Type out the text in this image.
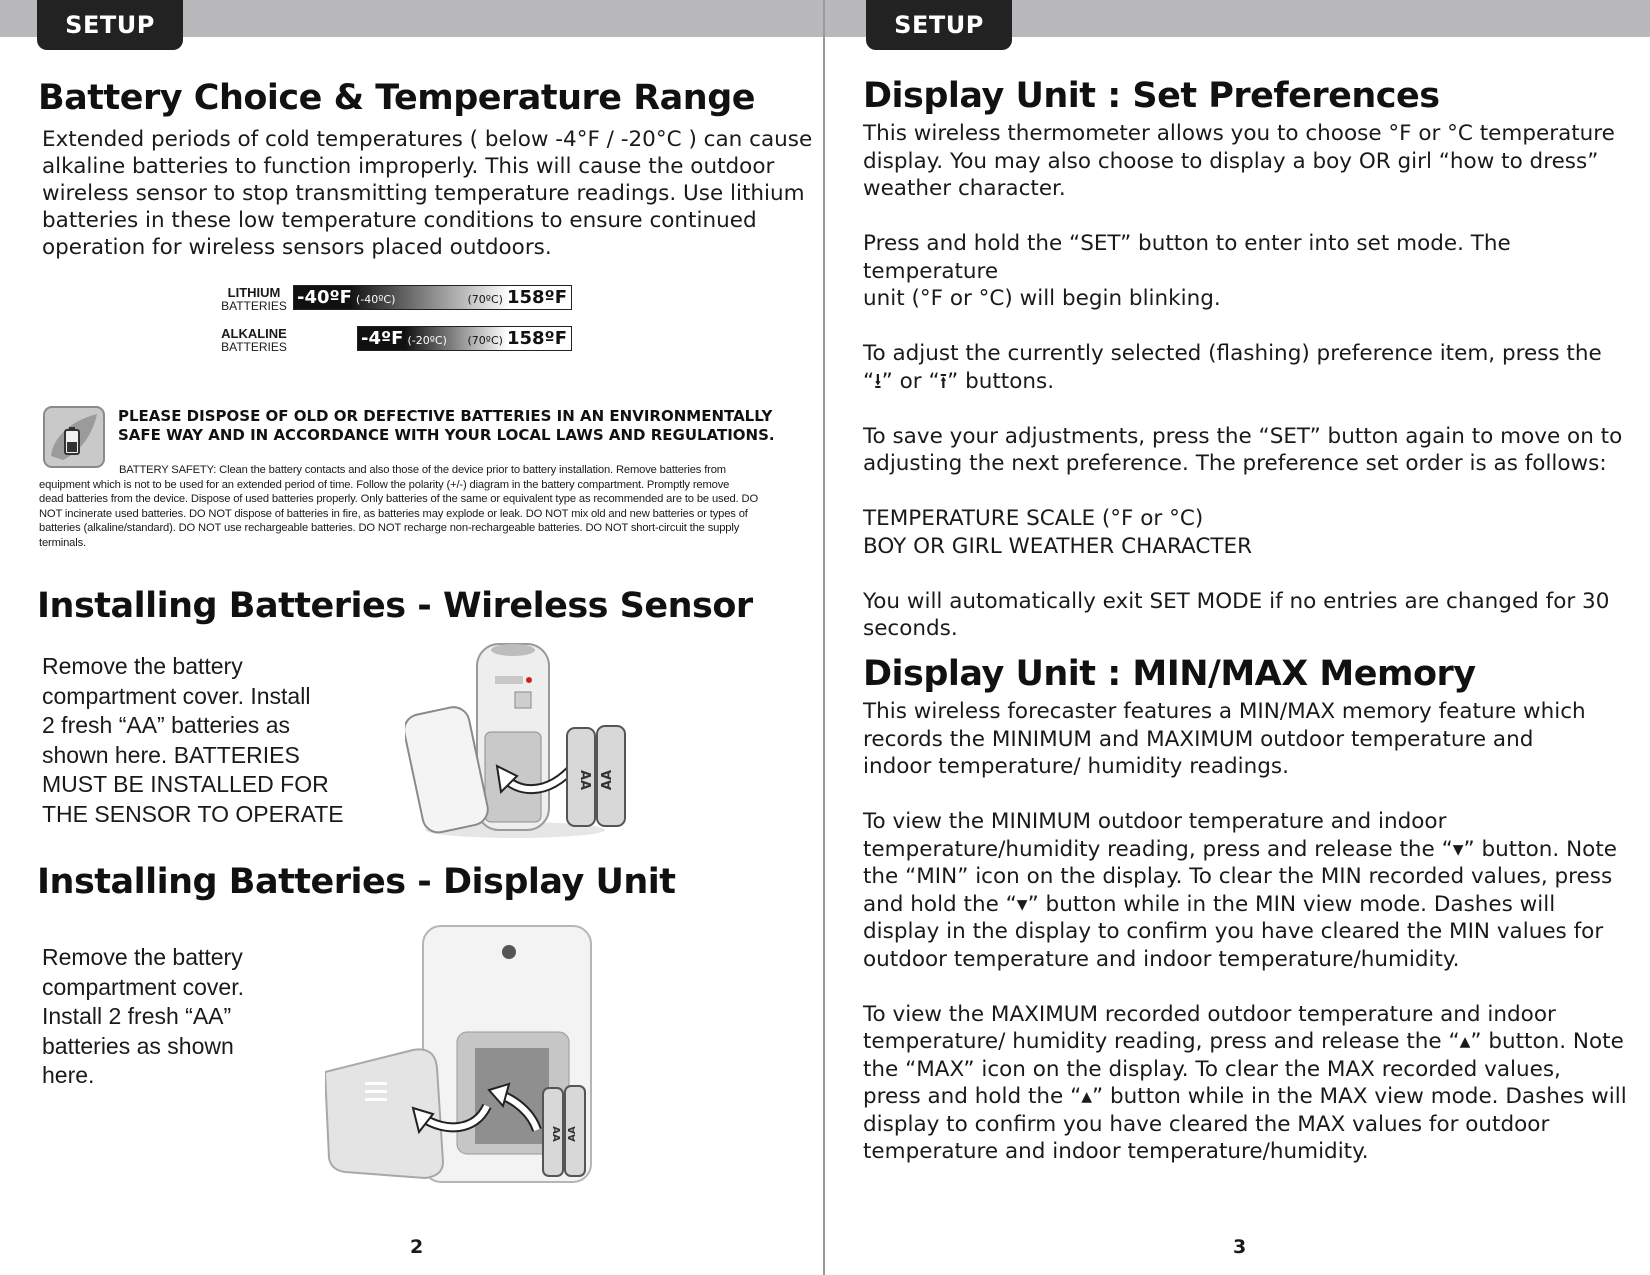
SETUP
Battery Choice & Temperature Range
Extended periods of cold temperatures ( below -4°F / -20°C ) can cause
alkaline batteries to function improperly. This will cause the outdoor
wireless sensor to stop transmitting temperature readings. Use lithium
batteries in these low temperature conditions to ensure continued
operation for wireless sensors placed outdoors.
LITHIUM
BATTERIES -40ºF (-40ºC)	(70ºC) 158ºF
ALKALINE
BATTERIES	-4ºF (-20ºC) (70ºC) 158ºF
PLEASE DISPOSE OF OLD OR DEFECTIVE BATTERIES IN AN ENVIRONMENTALLY
SAFE WAY AND IN ACCORDANCE WITH YOUR LOCAL LAWS AND REGULATIONS.
BATTERY SAFETY: Clean the battery contacts and also those of the device prior to battery installation. Remove batteries from
equipment which is not to be used for an extended period of time. Follow the polarity (+/-) diagram in the battery compartment. Promptly remove
dead batteries from the device. Dispose of used batteries properly. Only batteries of the same or equivalent type as recommended are to be used. DO
NOT incinerate used batteries. DO NOT dispose of batteries in fire, as batteries may explode or leak. DO NOT mix old and new batteries or types of
batteries (alkaline/standard). DO NOT use rechargeable batteries. DO NOT recharge non-rechargeable batteries. DO NOT short-circuit the supply
terminals.
Installing Batteries - Wireless Sensor
Remove the battery
compartment cover. Install
2 fresh “AA” batteries as
shown here. BATTERIES
MUST BE INSTALLED FOR
THE SENSOR TO OPERATE
AA AA
Installing Batteries - Display Unit
Remove the battery
compartment cover.
Install 2 fresh “AA”
batteries as shown
here.
AA AA
2
SETUP
Display Unit : Set Preferences
This wireless thermometer allows you to choose °F or °C temperature
display. You may also choose to display a boy OR girl “how to dress”
weather character.
Press and hold the “SET” button to enter into set mode. The temperature
unit (°F or °C) will begin blinking.
To adjust the currently selected (flashing) preference item, press the
“⭳” or “⭱” buttons.
To save your adjustments, press the “SET” button again to move on to
adjusting the next preference. The preference set order is as follows:
TEMPERATURE SCALE (°F or °C)
BOY OR GIRL WEATHER CHARACTER
You will automatically exit SET MODE if no entries are changed for 30
seconds.
Display Unit : MIN/MAX Memory
This wireless forecaster features a MIN/MAX memory feature which
records the MINIMUM and MAXIMUM outdoor temperature and
indoor temperature/ humidity readings.
To view the MINIMUM outdoor temperature and indoor
temperature/humidity reading, press and release the “▾” button. Note
the “MIN” icon on the display. To clear the MIN recorded values, press
and hold the “▾” button while in the MIN view mode. Dashes will
display in the display to confirm you have cleared the MIN values for
outdoor temperature and indoor temperature/humidity.
To view the MAXIMUM recorded outdoor temperature and indoor
temperature/ humidity reading, press and release the “▴” button. Note
the “MAX” icon on the display. To clear the MAX recorded values,
press and hold the “▴” button while in the MAX view mode. Dashes will
display to confirm you have cleared the MAX values for outdoor
temperature and indoor temperature/humidity.
3
